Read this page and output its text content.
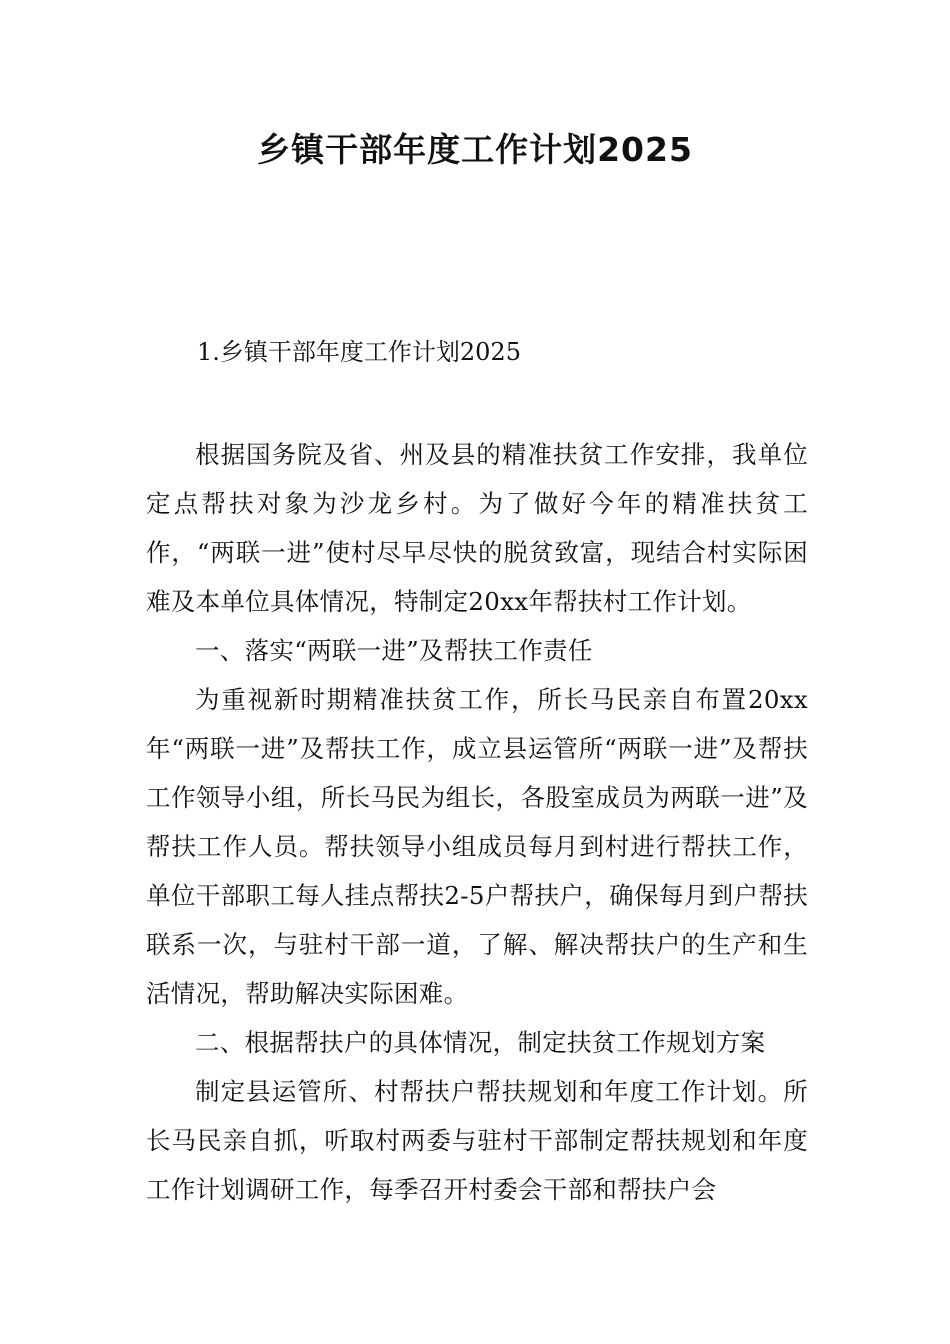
乡镇干部年度工作计划2025
1.乡镇干部年度工作计划2025

根据国务院及省、州及县的精准扶贫工作安排，我单位定点帮扶对象为沙龙乡村。为了做好今年的精准扶贫工作，“两联一进”使村尽早尽快的脱贫致富，现结合村实际困难及本单位具体情况，特制定20xx年帮扶村工作计划。

一、落实“两联一进”及帮扶工作责任

为重视新时期精准扶贫工作，所长马民亲自布置20xx年“两联一进”及帮扶工作，成立县运管所“两联一进”及帮扶工作领导小组，所长马民为组长，各股室成员为两联一进”及帮扶工作人员。帮扶领导小组成员每月到村进行帮扶工作，单位干部职工每人挂点帮扶2-5户帮扶户，确保每月到户帮扶联系一次，与驻村干部一道，了解、解决帮扶户的生产和生活情况，帮助解决实际困难。

二、根据帮扶户的具体情况，制定扶贫工作规划方案

制定县运管所、村帮扶户帮扶规划和年度工作计划。所长马民亲自抓，听取村两委与驻村干部制定帮扶规划和年度工作计划调研工作，每季召开村委会干部和帮扶户会
